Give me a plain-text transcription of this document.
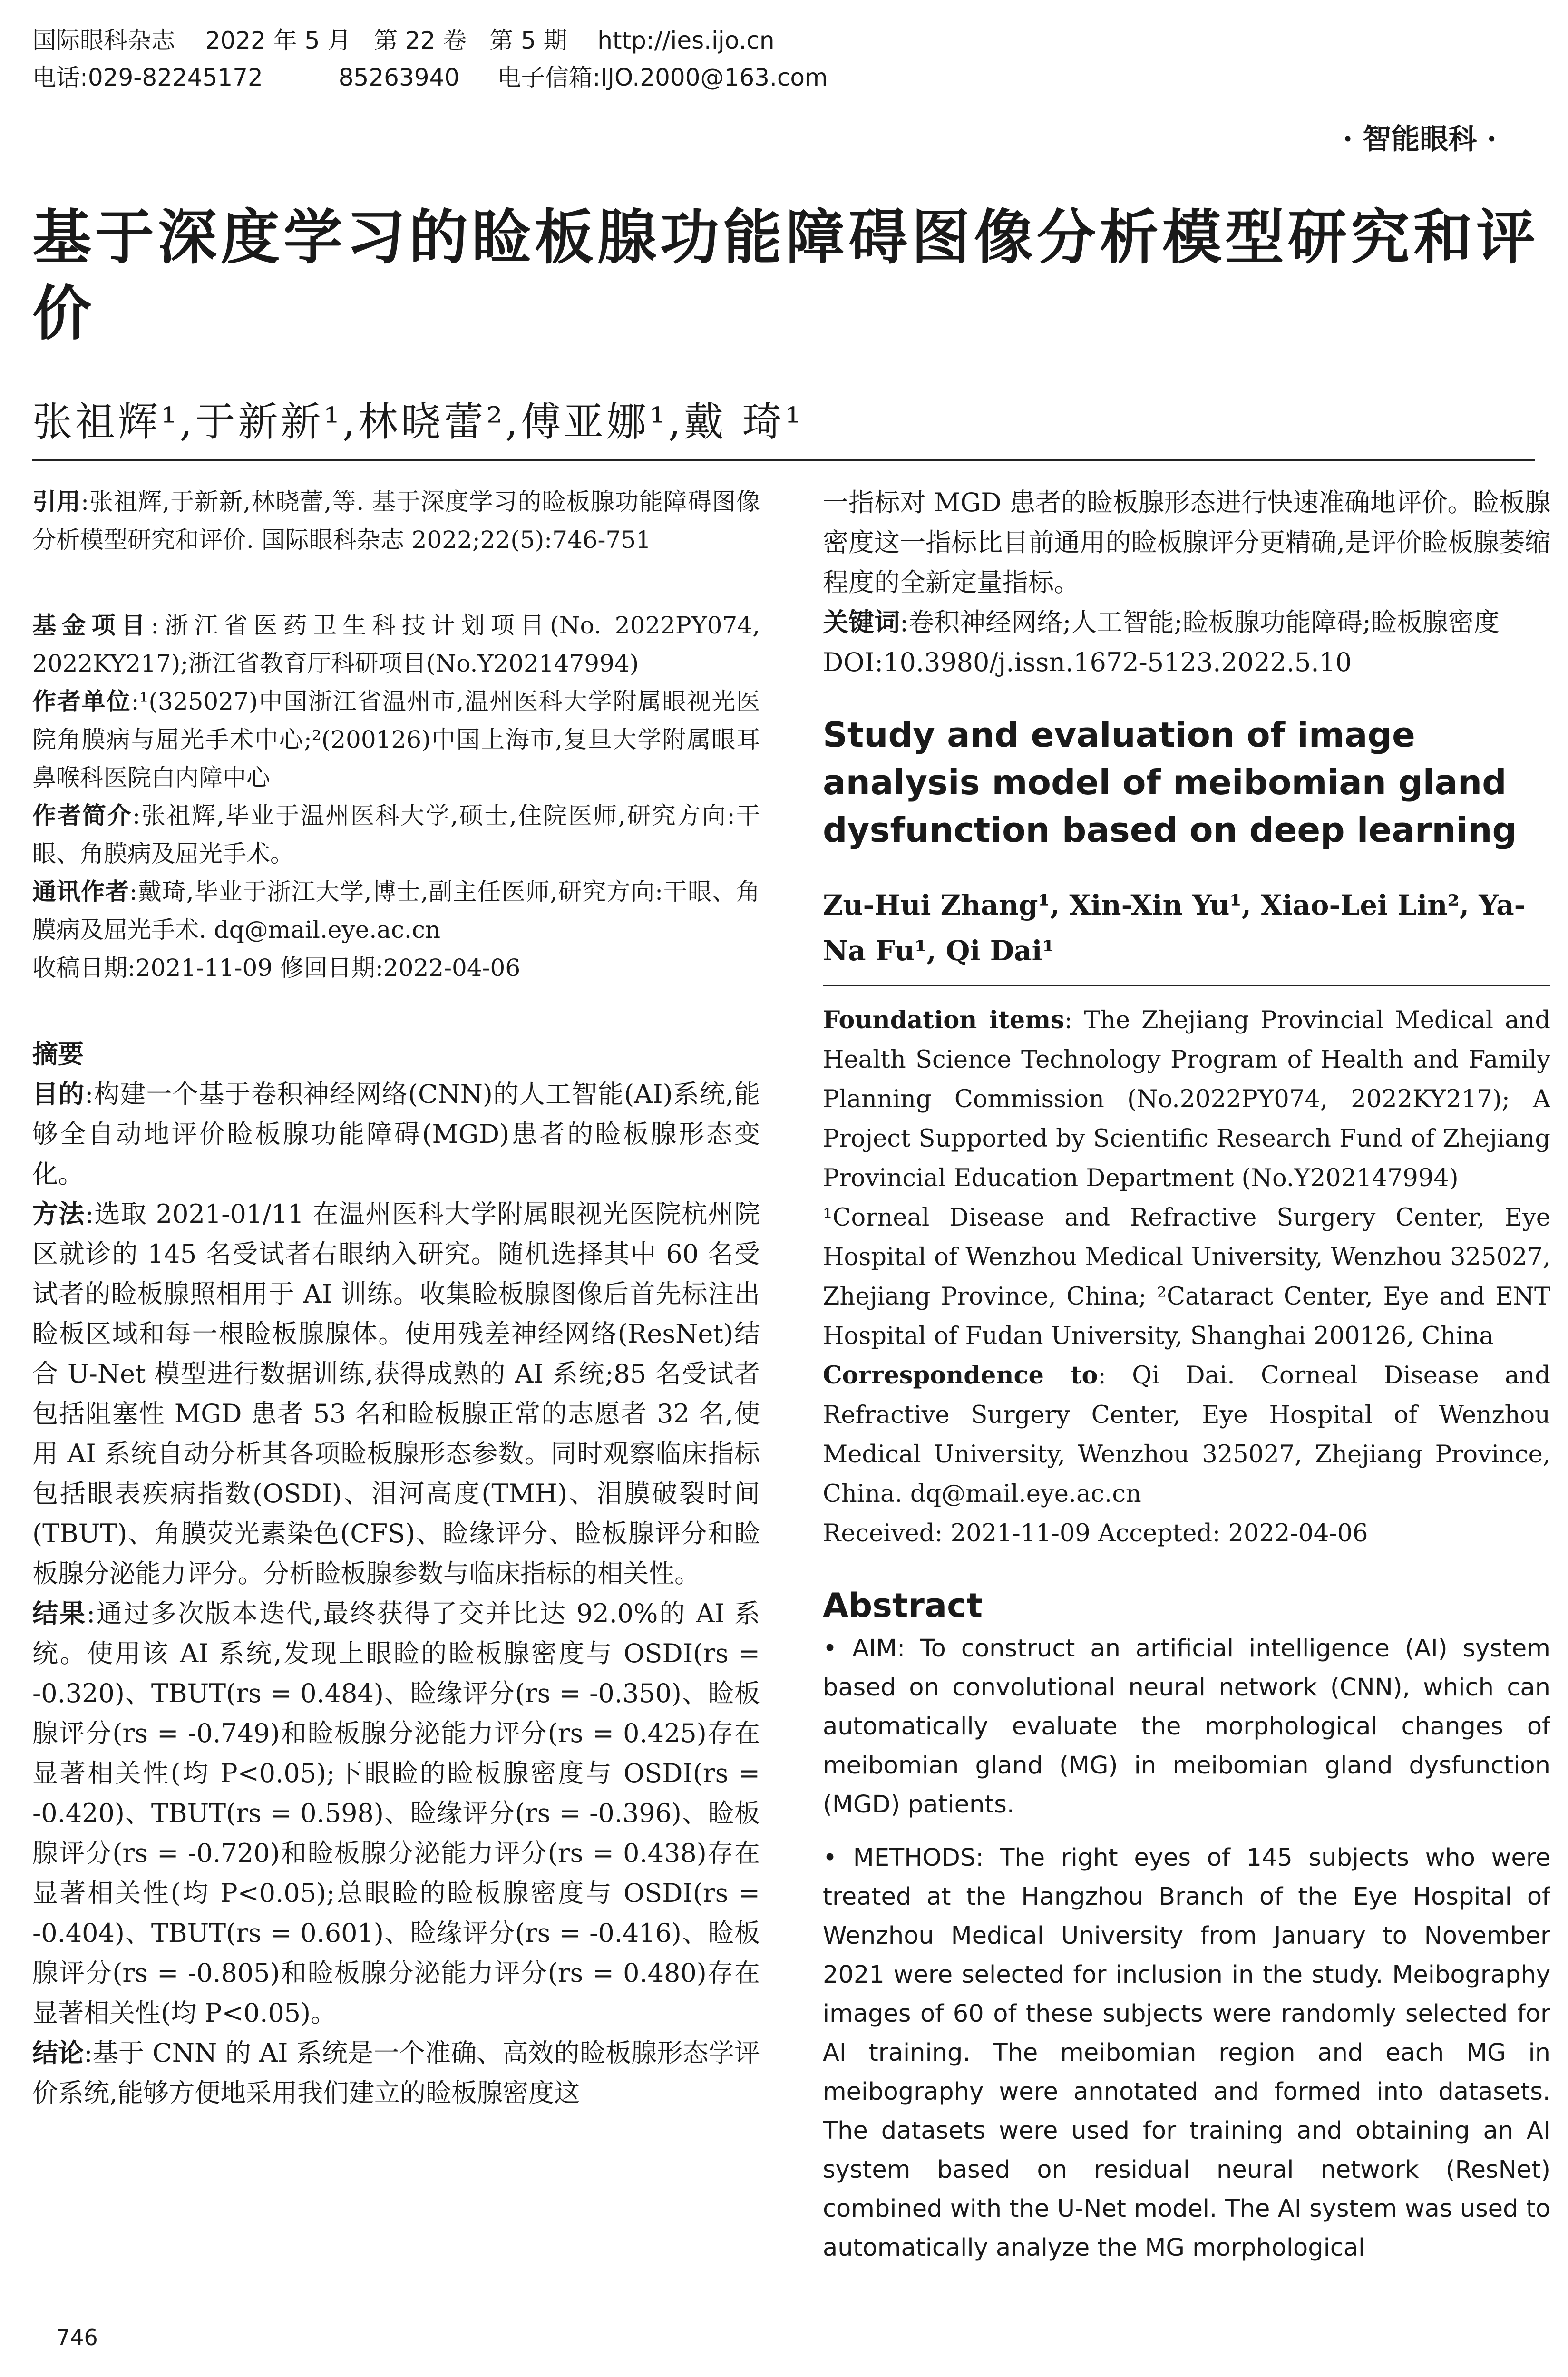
国际眼科杂志    2022 年 5 月   第 22 卷   第 5 期    http://ies.ijo.cn
电话:029-82245172          85263940     电子信箱:IJO.2000@163.com
· 智能眼科 ·
基于深度学习的睑板腺功能障碍图像分析模型研究和评价
张祖辉¹,于新新¹,林晓蕾²,傅亚娜¹,戴 琦¹

引用:张祖辉,于新新,林晓蕾,等. 基于深度学习的睑板腺功能障碍图像分析模型研究和评价. 国际眼科杂志 2022;22(5):746-751

基金项目:浙江省医药卫生科技计划项目(No. 2022PY074, 2022KY217);浙江省教育厅科研项目(No.Y202147994)

作者单位:¹(325027)中国浙江省温州市,温州医科大学附属眼视光医院角膜病与屈光手术中心;²(200126)中国上海市,复旦大学附属眼耳鼻喉科医院白内障中心

作者简介:张祖辉,毕业于温州医科大学,硕士,住院医师,研究方向:干眼、角膜病及屈光手术。

通讯作者:戴琦,毕业于浙江大学,博士,副主任医师,研究方向:干眼、角膜病及屈光手术. dq@mail.eye.ac.cn

收稿日期:2021-11-09 修回日期:2022-04-06

摘要

目的:构建一个基于卷积神经网络(CNN)的人工智能(AI)系统,能够全自动地评价睑板腺功能障碍(MGD)患者的睑板腺形态变化。

方法:选取 2021-01/11 在温州医科大学附属眼视光医院杭州院区就诊的 145 名受试者右眼纳入研究。随机选择其中 60 名受试者的睑板腺照相用于 AI 训练。收集睑板腺图像后首先标注出睑板区域和每一根睑板腺腺体。使用残差神经网络(ResNet)结合 U-Net 模型进行数据训练,获得成熟的 AI 系统;85 名受试者包括阻塞性 MGD 患者 53 名和睑板腺正常的志愿者 32 名,使用 AI 系统自动分析其各项睑板腺形态参数。同时观察临床指标包括眼表疾病指数(OSDI)、泪河高度(TMH)、泪膜破裂时间(TBUT)、角膜荧光素染色(CFS)、睑缘评分、睑板腺评分和睑板腺分泌能力评分。分析睑板腺参数与临床指标的相关性。

结果:通过多次版本迭代,最终获得了交并比达 92.0%的 AI 系统。使用该 AI 系统,发现上眼睑的睑板腺密度与 OSDI(rs = -0.320)、TBUT(rs = 0.484)、睑缘评分(rs = -0.350)、睑板腺评分(rs = -0.749)和睑板腺分泌能力评分(rs = 0.425)存在显著相关性(均 P<0.05);下眼睑的睑板腺密度与 OSDI(rs = -0.420)、TBUT(rs = 0.598)、睑缘评分(rs = -0.396)、睑板腺评分(rs = -0.720)和睑板腺分泌能力评分(rs = 0.438)存在显著相关性(均 P<0.05);总眼睑的睑板腺密度与 OSDI(rs = -0.404)、TBUT(rs = 0.601)、睑缘评分(rs = -0.416)、睑板腺评分(rs = -0.805)和睑板腺分泌能力评分(rs = 0.480)存在显著相关性(均 P<0.05)。

结论:基于 CNN 的 AI 系统是一个准确、高效的睑板腺形态学评价系统,能够方便地采用我们建立的睑板腺密度这

一指标对 MGD 患者的睑板腺形态进行快速准确地评价。睑板腺密度这一指标比目前通用的睑板腺评分更精确,是评价睑板腺萎缩程度的全新定量指标。

关键词:卷积神经网络;人工智能;睑板腺功能障碍;睑板腺密度

DOI:10.3980/j.issn.1672-5123.2022.5.10

Study and evaluation of image analysis model of meibomian gland dysfunction based on deep learning

Zu-Hui Zhang¹, Xin-Xin Yu¹, Xiao-Lei Lin², Ya-Na Fu¹, Qi Dai¹

Foundation items: The Zhejiang Provincial Medical and Health Science Technology Program of Health and Family Planning Commission (No.2022PY074, 2022KY217); A Project Supported by Scientific Research Fund of Zhejiang Provincial Education Department (No.Y202147994)

¹Corneal Disease and Refractive Surgery Center, Eye Hospital of Wenzhou Medical University, Wenzhou 325027, Zhejiang Province, China; ²Cataract Center, Eye and ENT Hospital of Fudan University, Shanghai 200126, China

Correspondence to: Qi Dai. Corneal Disease and Refractive Surgery Center, Eye Hospital of Wenzhou Medical University, Wenzhou 325027, Zhejiang Province, China. dq@mail.eye.ac.cn

Received: 2021-11-09 Accepted: 2022-04-06

Abstract

• AIM: To construct an artificial intelligence (AI) system based on convolutional neural network (CNN), which can automatically evaluate the morphological changes of meibomian gland (MG) in meibomian gland dysfunction (MGD) patients.

• METHODS: The right eyes of 145 subjects who were treated at the Hangzhou Branch of the Eye Hospital of Wenzhou Medical University from January to November 2021 were selected for inclusion in the study. Meibography images of 60 of these subjects were randomly selected for AI training. The meibomian region and each MG in meibography were annotated and formed into datasets. The datasets were used for training and obtaining an AI system based on residual neural network (ResNet) combined with the U-Net model. The AI system was used to automatically analyze the MG morphological

746
